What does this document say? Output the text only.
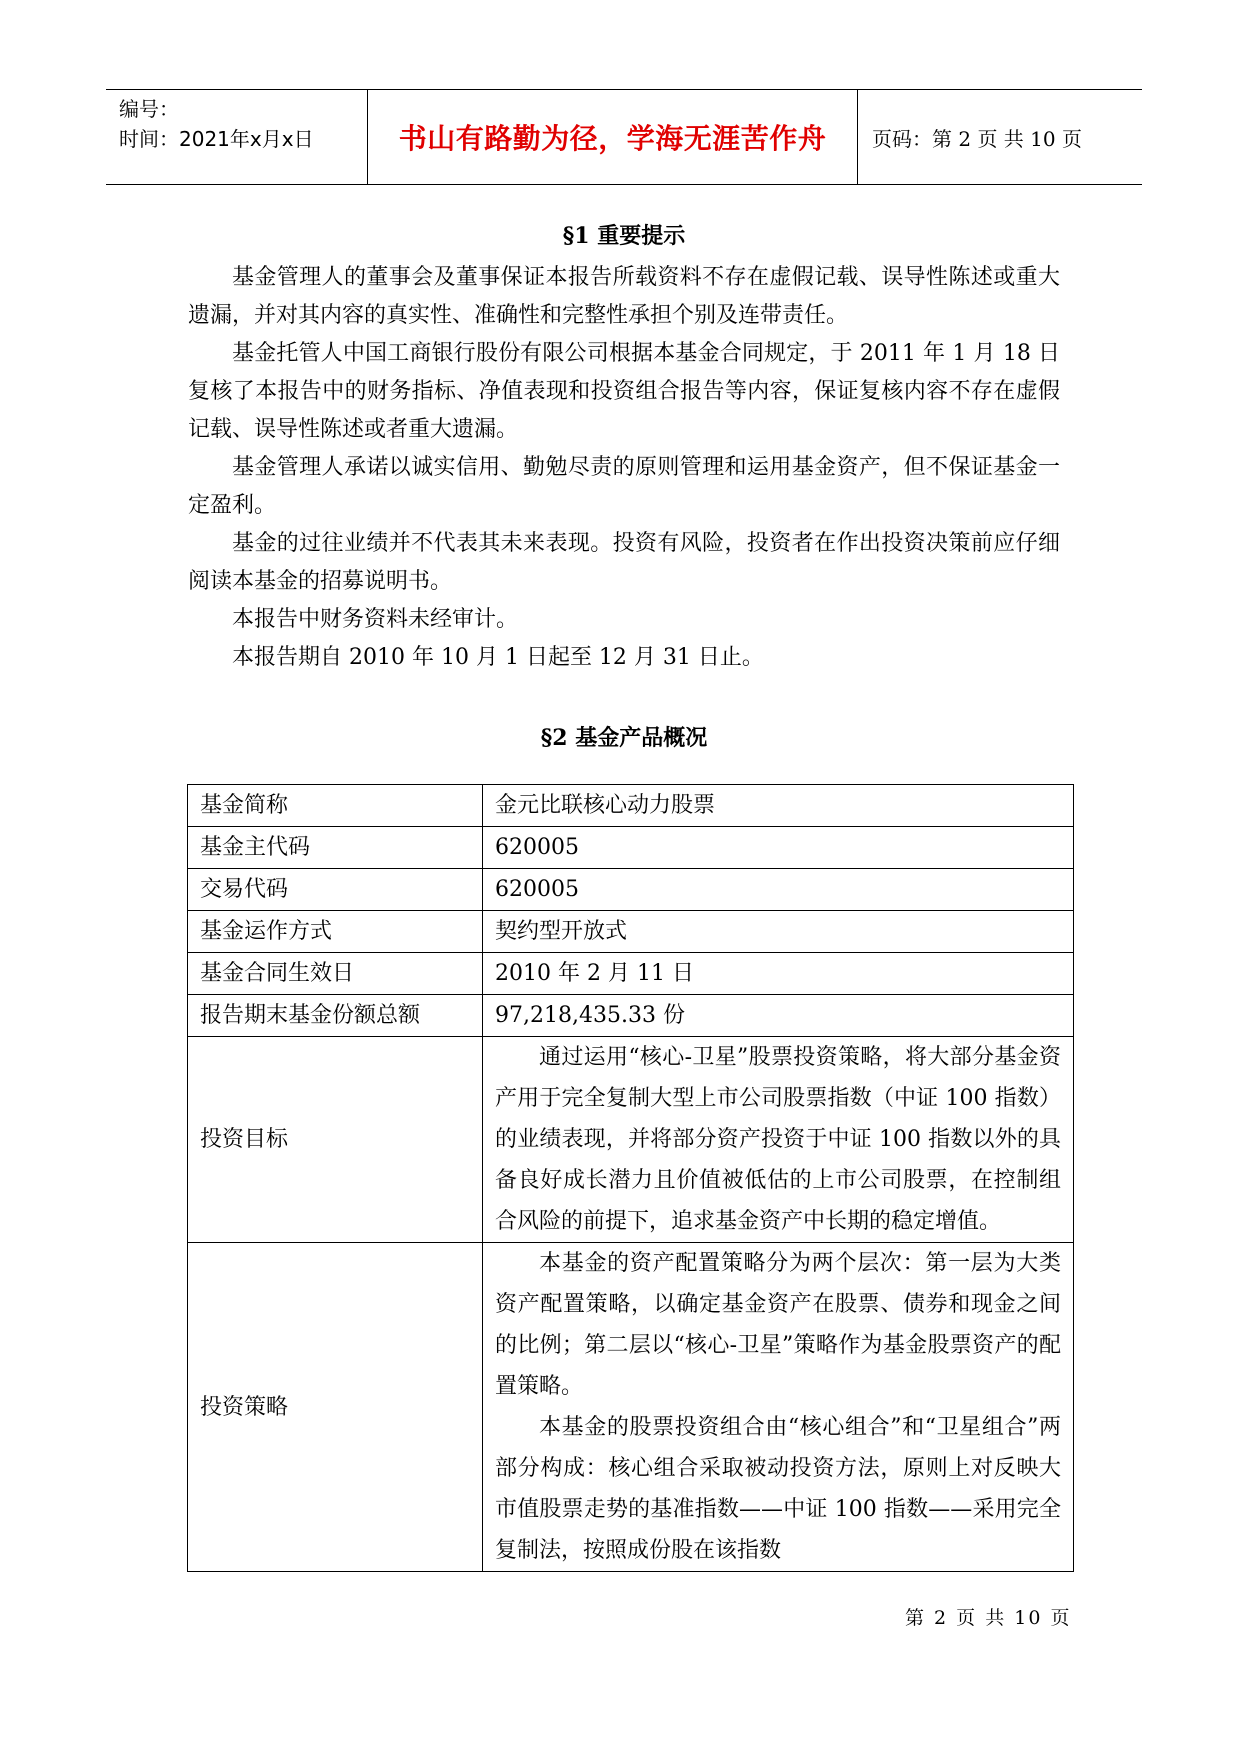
编号：
时间：2021年x月x日	书山有路勤为径，学海无涯苦作舟	页码：第 2 页 共 10 页
§1 重要提示

基金管理人的董事会及董事保证本报告所载资料不存在虚假记载、误导性陈述或重大遗漏，并对其内容的真实性、准确性和完整性承担个别及连带责任。

基金托管人中国工商银行股份有限公司根据本基金合同规定，于 2011 年 1 月 18 日复核了本报告中的财务指标、净值表现和投资组合报告等内容，保证复核内容不存在虚假记载、误导性陈述或者重大遗漏。

基金管理人承诺以诚实信用、勤勉尽责的原则管理和运用基金资产，但不保证基金一定盈利。

基金的过往业绩并不代表其未来表现。投资有风险，投资者在作出投资决策前应仔细阅读本基金的招募说明书。

本报告中财务资料未经审计。

本报告期自 2010 年 10 月 1 日起至 12 月 31 日止。

§2 基金产品概况
基金简称	金元比联核心动力股票
基金主代码	620005
交易代码	620005
基金运作方式	契约型开放式
基金合同生效日	2010 年 2 月 11 日
报告期末基金份额总额	97,218,435.33 份
投资目标	通过运用“核心-卫星”股票投资策略，将大部分基金资产用于完全复制大型上市公司股票指数（中证 100 指数）的业绩表现，并将部分资产投资于中证 100 指数以外的具备良好成长潜力且价值被低估的上市公司股票，在控制组合风险的前提下，追求基金资产中长期的稳定增值。

投资策略	本基金的资产配置策略分为两个层次：第一层为大类资产配置策略，以确定基金资产在股票、债券和现金之间的比例；第二层以“核心-卫星”策略作为基金股票资产的配置策略。

本基金的股票投资组合由“核心组合”和“卫星组合”两部分构成：核心组合采取被动投资方法，原则上对反映大市值股票走势的基准指数——中证 100 指数——采用完全复制法，按照成份股在该指数

第 2 页 共 10 页
